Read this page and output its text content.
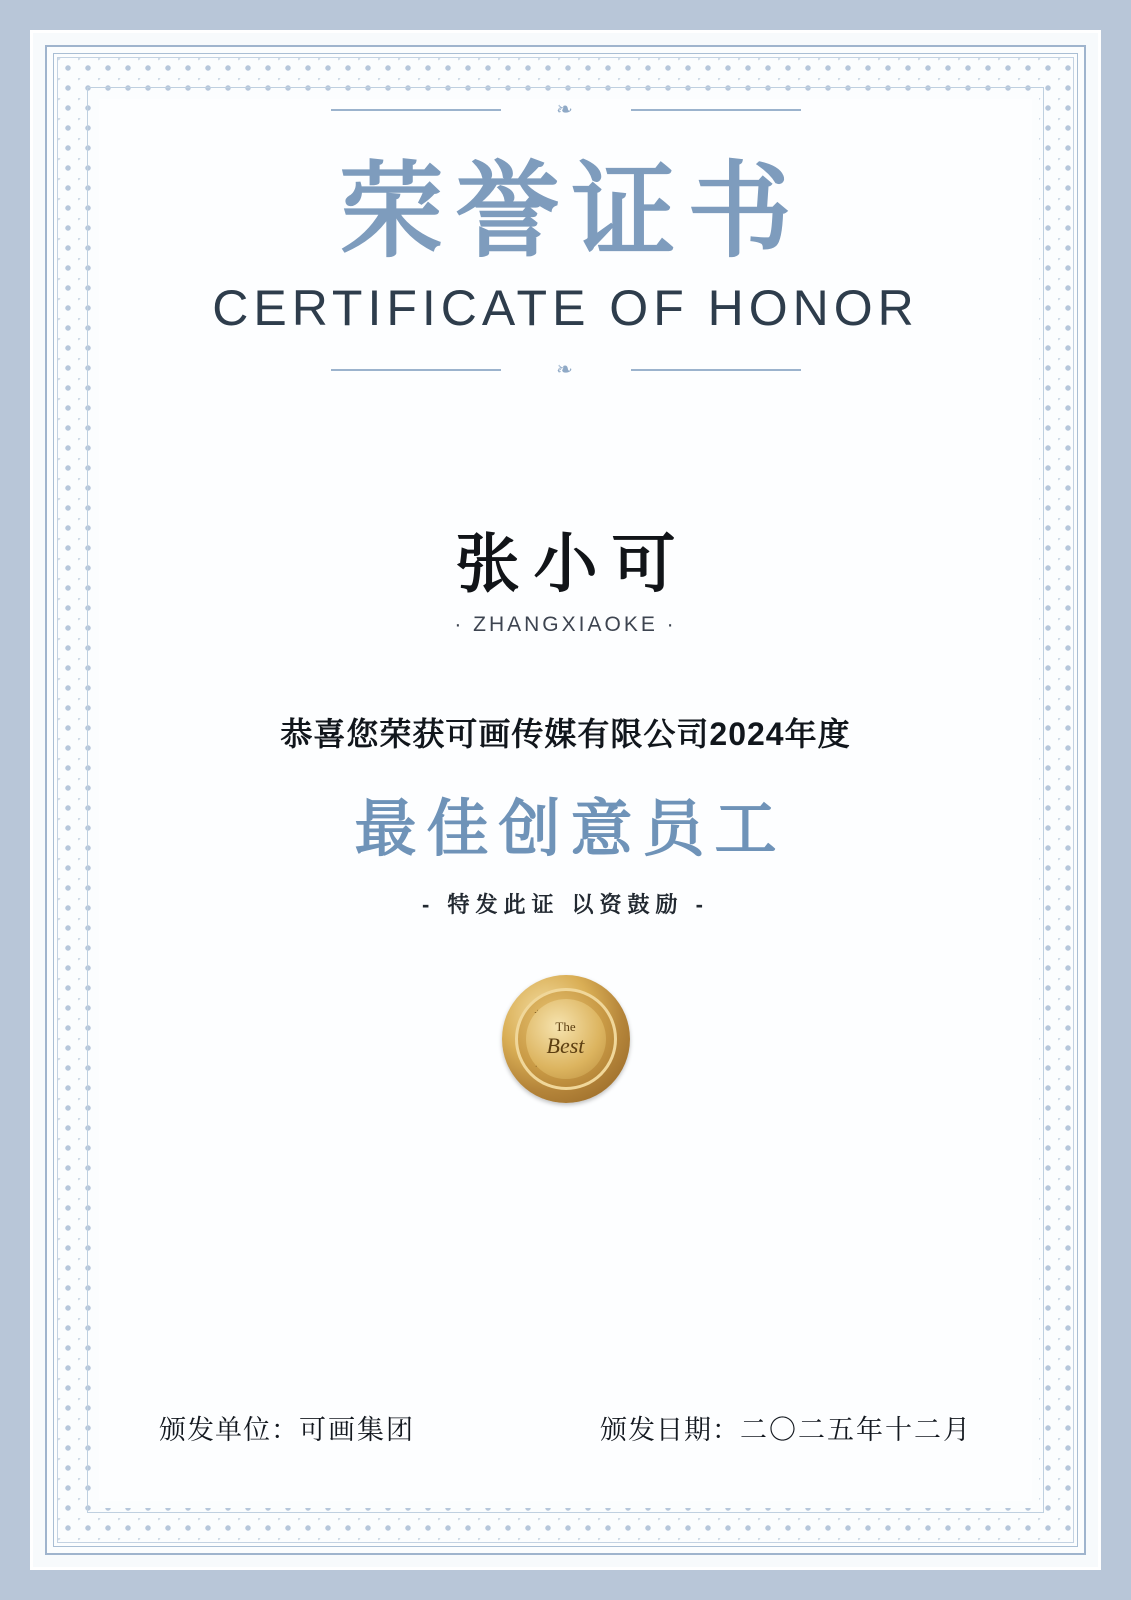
❧
荣誉证书
CERTIFICATE OF HONOR
❧
张小可
· ZHANGXIAOKE ·
恭喜您荣获可画传媒有限公司2024年度
最佳创意员工
- 特发此证 以资鼓励 -
The
Best
颁发单位：可画集团	颁发日期：二〇二五年十二月
